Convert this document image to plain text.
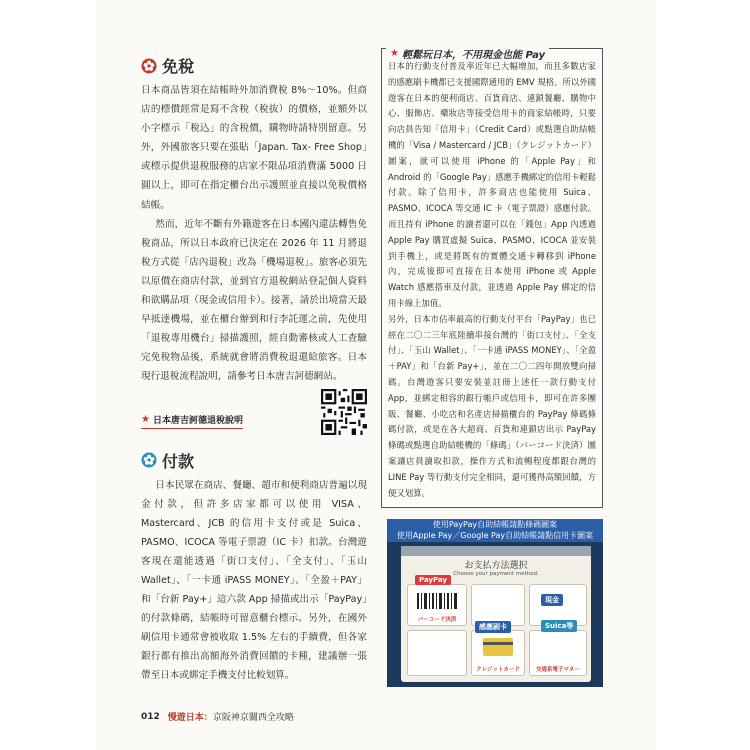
免稅

日本商品皆須在結帳時外加消費稅 8%～10%。但商店的標價經常是寫不含稅（稅抜）的價格，並額外以小字標示「稅込」的含稅價，購物時請特別留意。另外，外國旅客只要在張貼「Japan. Tax- Free Shop」或標示提供退稅服務的店家不限品項消費滿 5000 日圓以上，即可在指定櫃台出示護照並直接以免稅價格結帳。

然而，近年不斷有外籍遊客在日本國內違法轉售免稅商品，所以日本政府已決定在 2026 年 11 月將退稅方式從「店內退稅」改為「機場退稅」。旅客必須先以原價在商店付款，並到官方退稅網站登記個人資料和欲購品項（現金或信用卡）。接著，請於出境當天最早抵達機場，並在櫃台辦到和行李託運之前，先使用「退稅專用機台」掃描護照，經自動審核或人工查驗完免稅物品後，系統就會將消費稅退還給旅客。日本現行退稅流程說明，請參考日本唐吉訶德網站。

★ 日本唐吉訶德退稅說明
付款

日本民眾在商店、餐廳、超市和便利商店普遍以現金付款，但許多店家都可以使用 VISA、Mastercard、JCB 的信用卡支付或是 Suica、PASMO、ICOCA 等電子票證（IC 卡）扣款。台灣遊客現在還能透過「街口支付」、「全支付」、「玉山 Wallet」、「一卡通 iPASS MONEY」、「全盈＋PAY」和「台新 Pay+」這六款 App 掃描或出示「PayPay」的付款條碼，結帳時可留意櫃台標示。另外，在國外刷信用卡通常會被收取 1.5% 左右的手續費，但各家銀行都有推出高額海外消費回饋的卡種，建議辦一張帶至日本或綁定手機支付比較划算。

★ 輕鬆玩日本，不用現金也能 Pay

日本的行動支付普及率近年已大幅增加，而且多數店家的感應刷卡機都已支援國際通用的 EMV 規格。所以外國遊客在日本的便利商店、百貨商店、連鎖餐廳、購物中心、服飾店、藥妝店等接受信用卡的商家結帳時，只要向店員告知「信用卡」（Credit Card）或點選自助結帳機的「Visa / Mastercard / JCB」（クレジットカード）圖案，就可以使用 iPhone 的「Apple Pay」和 Android 的「Google Pay」感應手機綁定的信用卡輕鬆付款。除了信用卡，許多商店也能使用 Suica、PASMO、ICOCA 等交通 IC 卡（電子票證）感應付款。而且持有 iPhone 的讀者還可以在「錢包」App 內透過 Apple Pay 購買虛擬 Suica、PASMO、ICOCA 並安裝到手機上，或是將既有的實體交通卡轉移到 iPhone 內，完成後即可直接在日本使用 iPhone 或 Apple Watch 感應搭車及付款，並透過 Apple Pay 綁定的信用卡線上加值。

另外，日本市佔率最高的行動支付平台「PayPay」也已經在二〇二三年底陸續串接台灣的「街口支付」、「全支付」、「玉山 Wallet」、「一卡通 iPASS MONEY」、「全盈＋PAY」和「台新 Pay+」，並在二〇二四年開放雙向掃碼。台灣遊客只要安裝並註冊上述任一款行動支付 App，並綁定相容的銀行帳戶或信用卡，即可在許多團販、餐廳、小吃店和名產店掃描櫃台的 PayPay 條碼條碼付款，或是在各大超商、百貨和連鎖店出示 PayPay 條碼或點選自助結帳機的「條碼」（バーコード決済）圖案讓店員讀取扣款，操作方式和流暢程度都跟台灣的 LINE Pay 等行動支付完全相同，還可獲得高額回饋，方便又划算。

使用PayPay自助結帳請點條碼圖案
使用Apple Pay／Google Pay自助結帳請點信用卡圖案
お支払方法選択
Choose your payment method.
バーコード決済
クレジットカード	交通系電子マネー
PayPay
感應刷卡
現金
Suica等
012 慢遊日本：京阪神京關西全攻略
